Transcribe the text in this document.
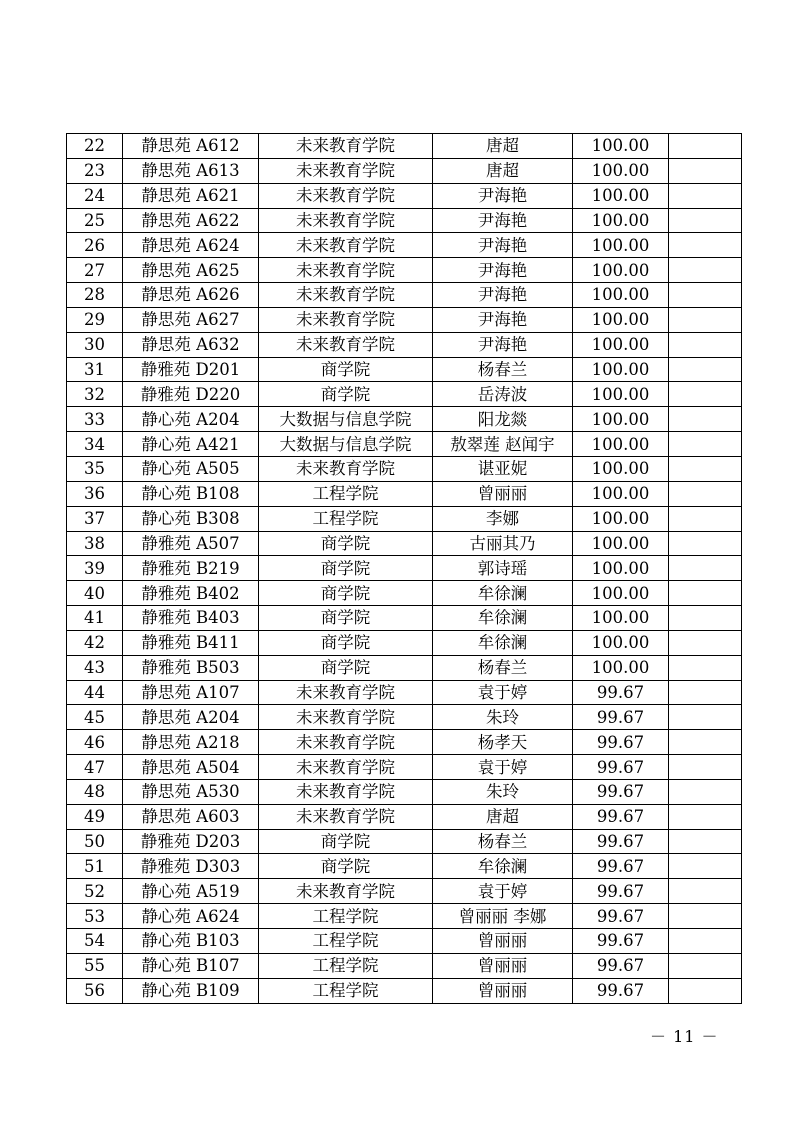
22	静思苑 A612	未来教育学院	唐超	100.00	
23	静思苑 A613	未来教育学院	唐超	100.00	
24	静思苑 A621	未来教育学院	尹海艳	100.00	
25	静思苑 A622	未来教育学院	尹海艳	100.00	
26	静思苑 A624	未来教育学院	尹海艳	100.00	
27	静思苑 A625	未来教育学院	尹海艳	100.00	
28	静思苑 A626	未来教育学院	尹海艳	100.00	
29	静思苑 A627	未来教育学院	尹海艳	100.00	
30	静思苑 A632	未来教育学院	尹海艳	100.00	
31	静雅苑 D201	商学院	杨春兰	100.00	
32	静雅苑 D220	商学院	岳涛波	100.00	
33	静心苑 A204	大数据与信息学院	阳龙燚	100.00	
34	静心苑 A421	大数据与信息学院	敖翠莲 赵闻宇	100.00	
35	静心苑 A505	未来教育学院	谌亚妮	100.00	
36	静心苑 B108	工程学院	曾丽丽	100.00	
37	静心苑 B308	工程学院	李娜	100.00	
38	静雅苑 A507	商学院	古丽其乃	100.00	
39	静雅苑 B219	商学院	郭诗瑶	100.00	
40	静雅苑 B402	商学院	牟徐澜	100.00	
41	静雅苑 B403	商学院	牟徐澜	100.00	
42	静雅苑 B411	商学院	牟徐澜	100.00	
43	静雅苑 B503	商学院	杨春兰	100.00	
44	静思苑 A107	未来教育学院	袁于婷	99.67	
45	静思苑 A204	未来教育学院	朱玲	99.67	
46	静思苑 A218	未来教育学院	杨孝天	99.67	
47	静思苑 A504	未来教育学院	袁于婷	99.67	
48	静思苑 A530	未来教育学院	朱玲	99.67	
49	静思苑 A603	未来教育学院	唐超	99.67	
50	静雅苑 D203	商学院	杨春兰	99.67	
51	静雅苑 D303	商学院	牟徐澜	99.67	
52	静心苑 A519	未来教育学院	袁于婷	99.67	
53	静心苑 A624	工程学院	曾丽丽 李娜	99.67	
54	静心苑 B103	工程学院	曾丽丽	99.67	
55	静心苑 B107	工程学院	曾丽丽	99.67	
56	静心苑 B109	工程学院	曾丽丽	99.67	
－ 11 －
